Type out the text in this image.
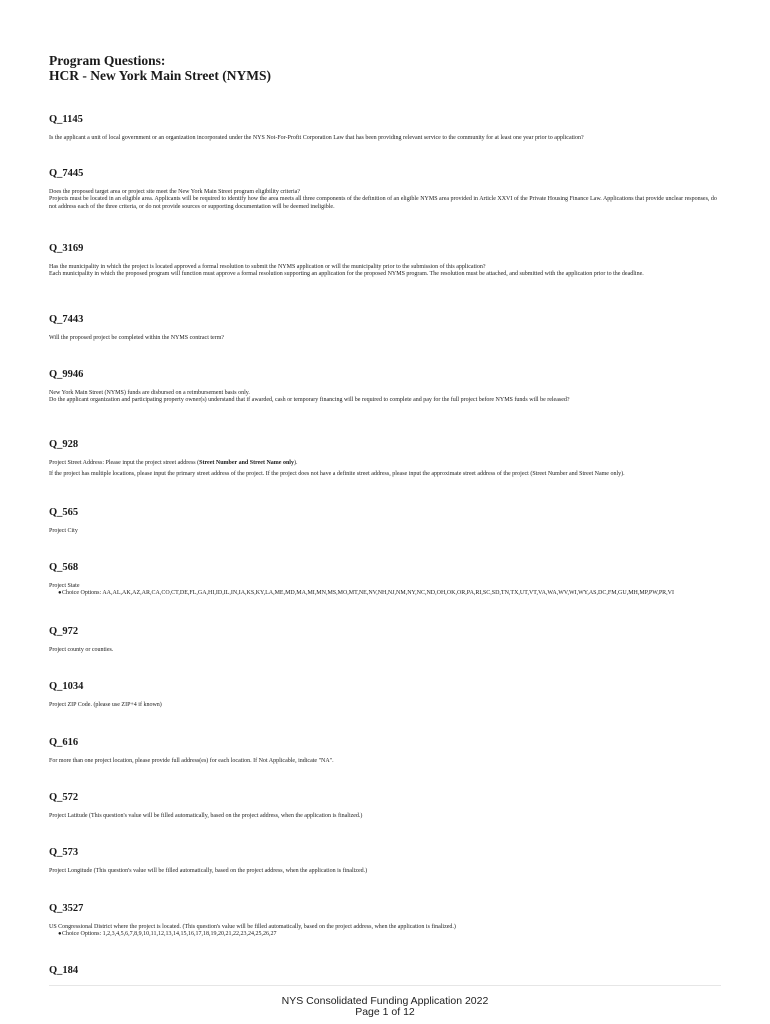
Program Questions:
HCR - New York Main Street (NYMS)
Q_1145
Is the applicant a unit of local government or an organization incorporated under the NYS Not-For-Profit Corporation Law that has been providing relevant service to the community for at least one year prior to application?
Q_7445
Does the proposed target area or project site meet the New York Main Street program eligibility criteria?
Projects must be located in an eligible area. Applicants will be required to identify how the area meets all three components of the definition of an eligible NYMS area provided in Article XXVI of the Private Housing Finance Law. Applications that provide unclear responses, do not address each of the three criteria, or do not provide sources or supporting documentation will be deemed ineligible.
Q_3169
Has the municipality in which the project is located approved a formal resolution to submit the NYMS application or will the municipality prior to the submission of this application?
Each municipality in which the proposed program will function must approve a formal resolution supporting an application for the proposed NYMS program. The resolution must be attached, and submitted with the application prior to the deadline.
Q_7443
Will the proposed project be completed within the NYMS contract term?
Q_9946
New York Main Street (NYMS) funds are disbursed on a reimbursement basis only.
Do the applicant organization and participating property owner(s) understand that if awarded, cash or temporary financing will be required to complete and pay for the full project before NYMS funds will be released?
Q_928
Project Street Address: Please input the project street address (Street Number and Street Name only).
If the project has multiple locations, please input the primary street address of the project. If the project does not have a definite street address, please input the approximate street address of the project (Street Number and Street Name only).
Q_565
Project City
Q_568
Project State
● Choice Options: AA,AL,AK,AZ,AR,CA,CO,CT,DE,FL,GA,HI,ID,IL,IN,IA,KS,KY,LA,ME,MD,MA,MI,MN,MS,MO,MT,NE,NV,NH,NJ,NM,NY,NC,ND,OH,OK,OR,PA,RI,SC,SD,TN,TX,UT,VT,VA,WA,WV,WI,WY,AS,DC,FM,GU,MH,MP,PW,PR,VI
Q_972
Project county or counties.
Q_1034
Project ZIP Code. (please use ZIP+4 if known)
Q_616
For more than one project location, please provide full address(es) for each location. If Not Applicable, indicate "NA".
Q_572
Project Latitude (This question's value will be filled automatically, based on the project address, when the application is finalized.)
Q_573
Project Longitude (This question's value will be filled automatically, based on the project address, when the application is finalized.)
Q_3527
US Congressional District where the project is located. (This question's value will be filled automatically, based on the project address, when the application is finalized.)
● Choice Options: 1,2,3,4,5,6,7,8,9,10,11,12,13,14,15,16,17,18,19,20,21,22,23,24,25,26,27
Q_184
NYS Consolidated Funding Application 2022
Page 1 of 12
